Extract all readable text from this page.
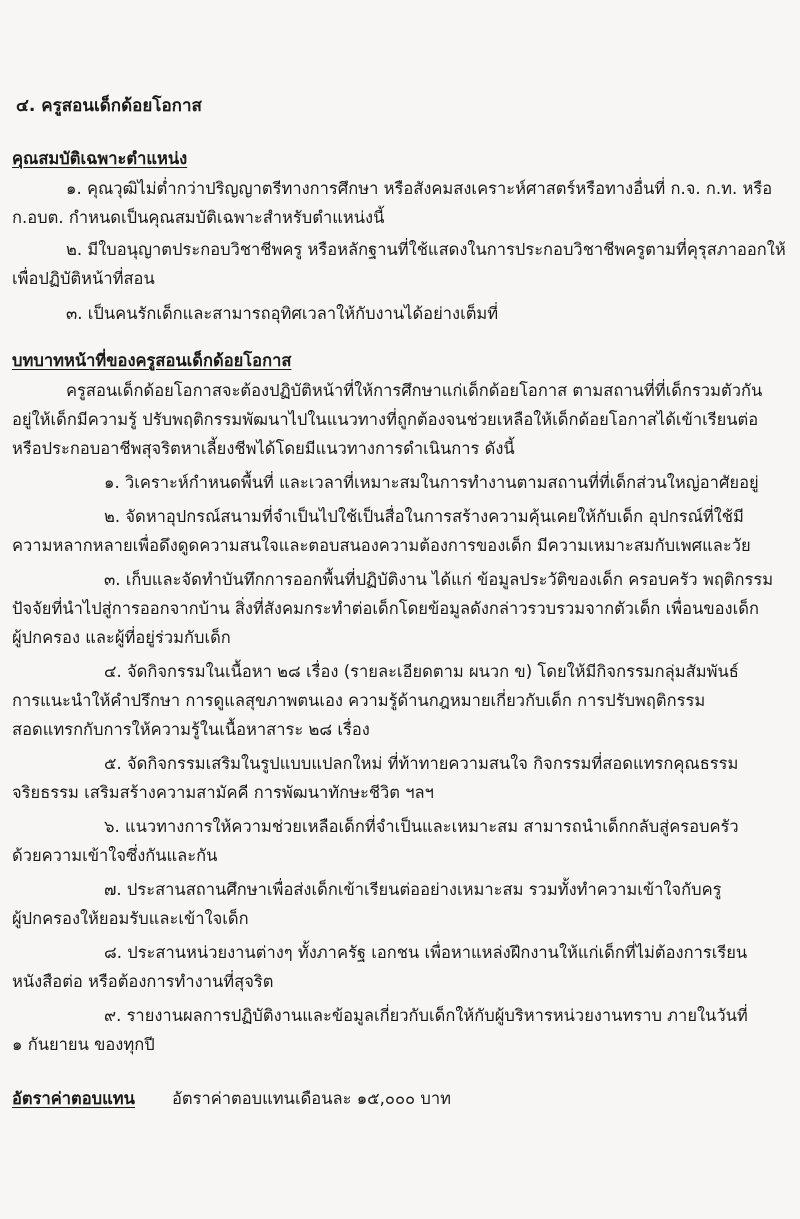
๔. ครูสอนเด็กด้อยโอกาส
คุณสมบัติเฉพาะตำแหน่ง
๑. คุณวุฒิไม่ต่ำกว่าปริญญาตรีทางการศึกษา หรือสังคมสงเคราะห์ศาสตร์หรือทางอื่นที่ ก.จ. ก.ท. หรือ
ก.อบต. กำหนดเป็นคุณสมบัติเฉพาะสำหรับตำแหน่งนี้
๒. มีใบอนุญาตประกอบวิชาชีพครู หรือหลักฐานที่ใช้แสดงในการประกอบวิชาชีพครูตามที่คุรุสภาออกให้
เพื่อปฏิบัติหน้าที่สอน
๓. เป็นคนรักเด็กและสามารถอุทิศเวลาให้กับงานได้อย่างเต็มที่
บทบาทหน้าที่ของครูสอนเด็กด้อยโอกาส
ครูสอนเด็กด้อยโอกาสจะต้องปฏิบัติหน้าที่ให้การศึกษาแก่เด็กด้อยโอกาส ตามสถานที่ที่เด็กรวมตัวกัน
อยู่ให้เด็กมีความรู้ ปรับพฤติกรรมพัฒนาไปในแนวทางที่ถูกต้องจนช่วยเหลือให้เด็กด้อยโอกาสได้เข้าเรียนต่อ
หรือประกอบอาชีพสุจริตหาเลี้ยงชีพได้โดยมีแนวทางการดำเนินการ ดังนี้
๑. วิเคราะห์กำหนดพื้นที่ และเวลาที่เหมาะสมในการทำงานตามสถานที่ที่เด็กส่วนใหญ่อาศัยอยู่
๒. จัดหาอุปกรณ์สนามที่จำเป็นไปใช้เป็นสื่อในการสร้างความคุ้นเคยให้กับเด็ก อุปกรณ์ที่ใช้มี
ความหลากหลายเพื่อดึงดูดความสนใจและตอบสนองความต้องการของเด็ก มีความเหมาะสมกับเพศและวัย
๓. เก็บและจัดทำบันทึกการออกพื้นที่ปฏิบัติงาน ได้แก่ ข้อมูลประวัติของเด็ก ครอบครัว พฤติกรรม
ปัจจัยที่นำไปสู่การออกจากบ้าน สิ่งที่สังคมกระทำต่อเด็กโดยข้อมูลดังกล่าวรวบรวมจากตัวเด็ก เพื่อนของเด็ก
ผู้ปกครอง และผู้ที่อยู่ร่วมกับเด็ก
๔. จัดกิจกรรมในเนื้อหา ๒๘ เรื่อง (รายละเอียดตาม ผนวก ข) โดยให้มีกิจกรรมกลุ่มสัมพันธ์
การแนะนำให้คำปรึกษา การดูแลสุขภาพตนเอง ความรู้ด้านกฎหมายเกี่ยวกับเด็ก การปรับพฤติกรรม
สอดแทรกกับการให้ความรู้ในเนื้อหาสาระ ๒๘ เรื่อง
๕. จัดกิจกรรมเสริมในรูปแบบแปลกใหม่ ที่ท้าทายความสนใจ กิจกรรมที่สอดแทรกคุณธรรม
จริยธรรม เสริมสร้างความสามัคคี การพัฒนาทักษะชีวิต ฯลฯ
๖. แนวทางการให้ความช่วยเหลือเด็กที่จำเป็นและเหมาะสม สามารถนำเด็กกลับสู่ครอบครัว
ด้วยความเข้าใจซึ่งกันและกัน
๗. ประสานสถานศึกษาเพื่อส่งเด็กเข้าเรียนต่ออย่างเหมาะสม รวมทั้งทำความเข้าใจกับครู
ผู้ปกครองให้ยอมรับและเข้าใจเด็ก
๘. ประสานหน่วยงานต่างๆ ทั้งภาครัฐ เอกชน เพื่อหาแหล่งฝึกงานให้แก่เด็กที่ไม่ต้องการเรียน
หนังสือต่อ หรือต้องการทำงานที่สุจริต
๙. รายงานผลการปฏิบัติงานและข้อมูลเกี่ยวกับเด็กให้กับผู้บริหารหน่วยงานทราบ ภายในวันที่
๑ กันยายน ของทุกปี
อัตราค่าตอบแทน อัตราค่าตอบแทนเดือนละ ๑๕,๐๐๐ บาท
